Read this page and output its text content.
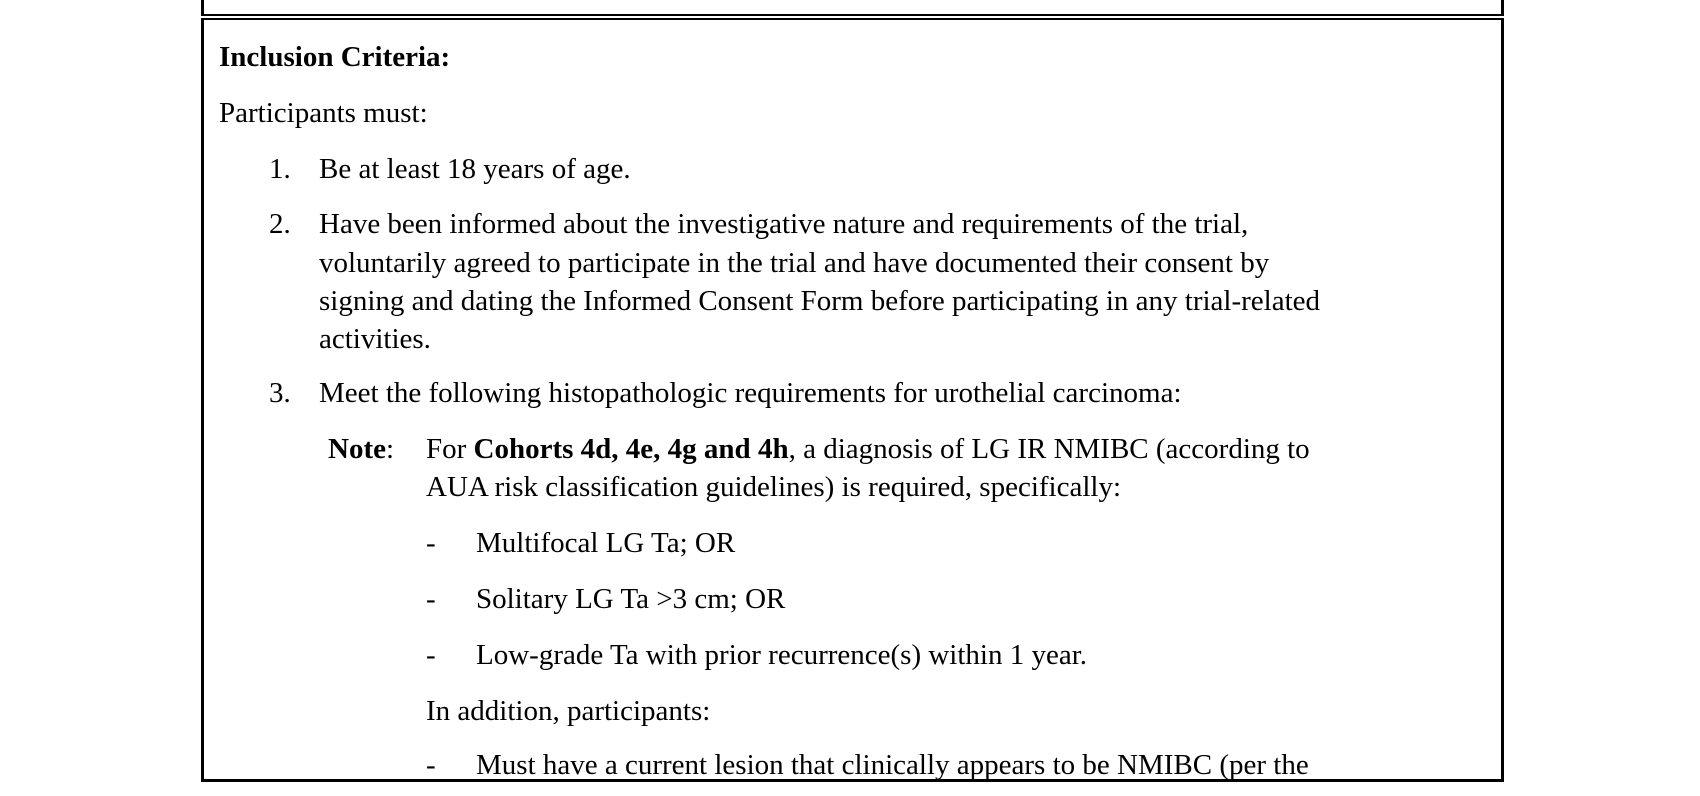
Inclusion Criteria:
Participants must:
1. Be at least 18 years of age.
2. Have been informed about the investigative nature and requirements of the trial,
voluntarily agreed to participate in the trial and have documented their consent by
signing and dating the Informed Consent Form before participating in any trial-related
activities.
3. Meet the following histopathologic requirements for urothelial carcinoma:
Note: For Cohorts 4d, 4e, 4g and 4h, a diagnosis of LG IR NMIBC (according to
AUA risk classification guidelines) is required, specifically:
- Multifocal LG Ta; OR
- Solitary LG Ta >3 cm; OR
- Low-grade Ta with prior recurrence(s) within 1 year.
In addition, participants:
- Must have a current lesion that clinically appears to be NMIBC (per the
